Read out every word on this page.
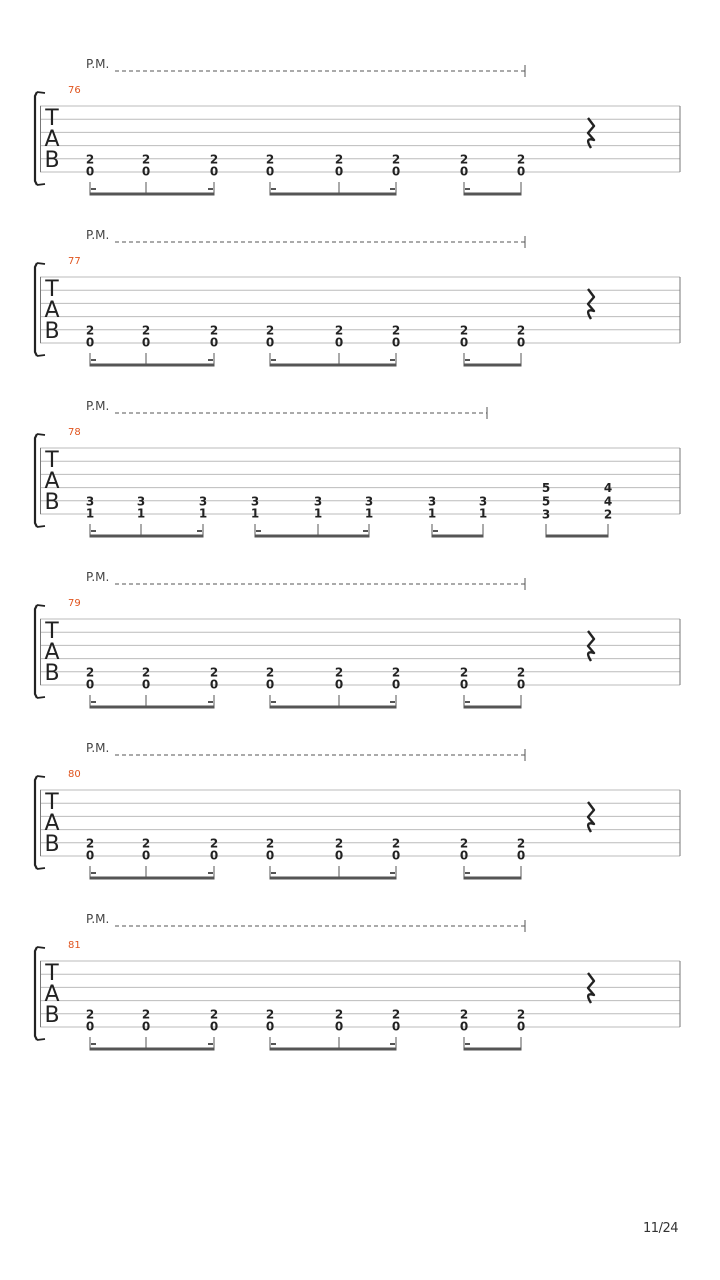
P.M.
76
T
A
B 2
0
2
0
2
0
2
0
2
0
2
0
2
0
2
0
P.M.
77
T
A
B 2
0
2
0
2
0
2
0
2
0
2
0
2
0
2
0
P.M.
78
T
A
B 3
1
3
1
3
1
3
1
3
1
3
1
3
1
3
1
5
5
3
4
4
2
P.M.
79
T
A
B 2
0
2
0
2
0
2
0
2
0
2
0
2
0
2
0
P.M.
80
T
A
B 2
0
2
0
2
0
2
0
2
0
2
0
2
0
2
0
P.M.
81
T
A
B 2
0
2
0
2
0
2
0
2
0
2
0
2
0
2
0
11/24
